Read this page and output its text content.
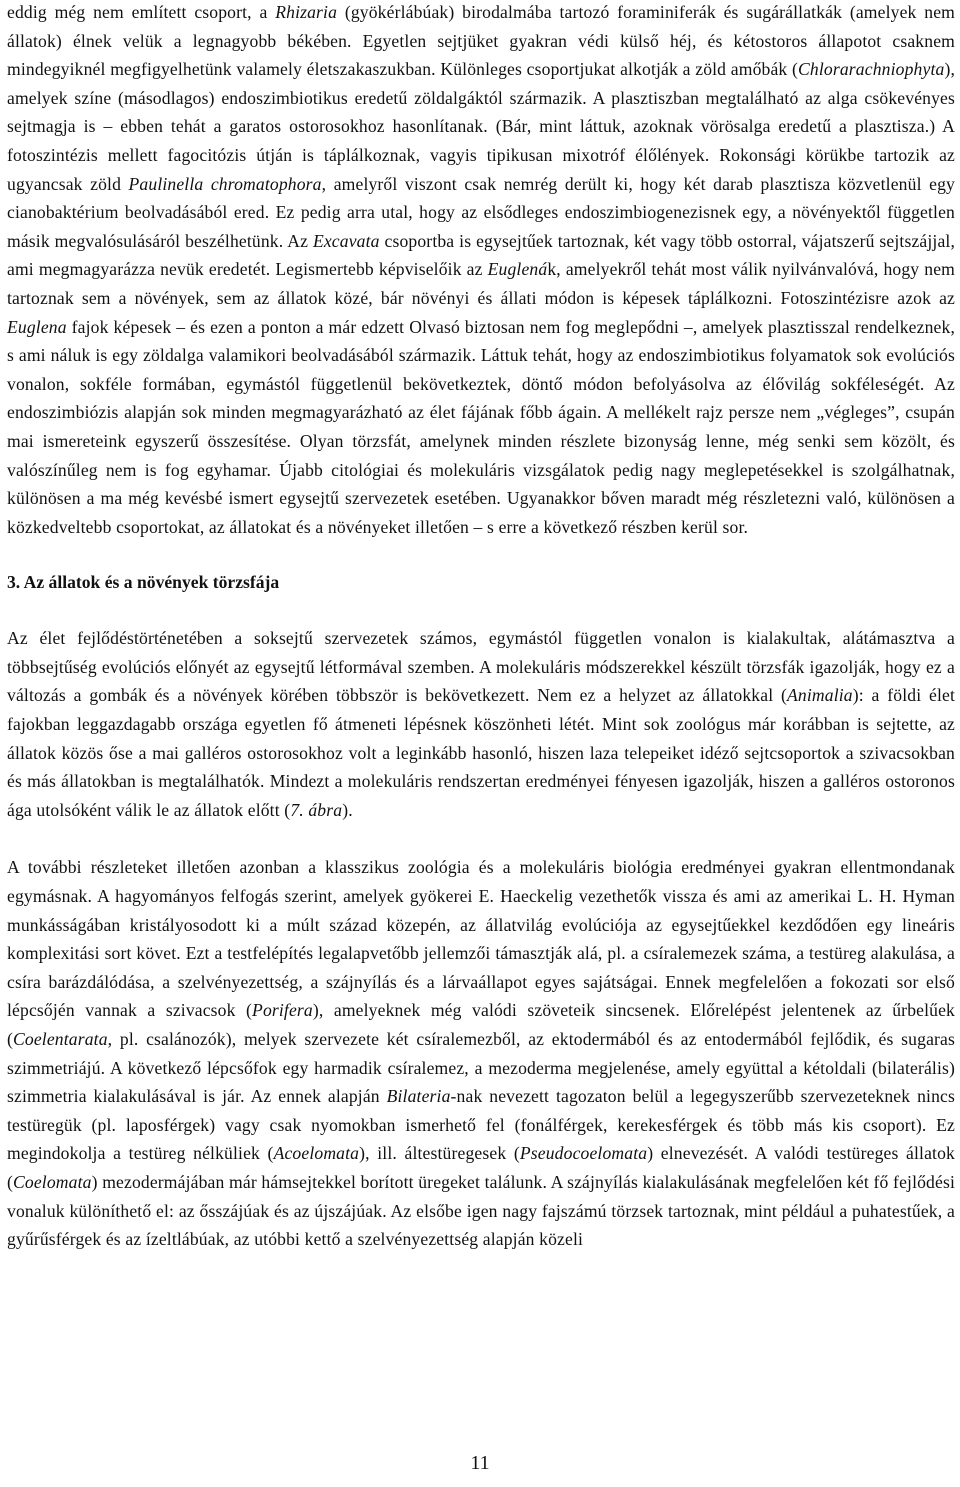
eddig még nem említett csoport, a Rhizaria (gyökérlábúak) birodalmába tartozó foraminiferák és sugárállatkák (amelyek nem állatok) élnek velük a legnagyobb békében. Egyetlen sejtjüket gyakran védi külső héj, és kétostoros állapotot csaknem mindegyiknél megfigyelhetünk valamely életszakaszukban. Különleges csoportjukat alkotják a zöld amőbák (Chlorarachniophyta), amelyek színe (másodlagos) endoszimbiotikus eredetű zöldalgáktól származik. A plasztiszban megtalálható az alga csökevényes sejtmagja is – ebben tehát a garatos ostorosokhoz hasonlítanak. (Bár, mint láttuk, azoknak vörösalga eredetű a plasztisza.) A fotoszintézis mellett fagocitózis útján is táplálkoznak, vagyis tipikusan mixotróf élőlények. Rokonsági körükbe tartozik az ugyancsak zöld Paulinella chromatophora, amelyről viszont csak nemrég derült ki, hogy két darab plasztisza közvetlenül egy cianobaktérium beolvadásából ered. Ez pedig arra utal, hogy az elsődleges endoszimbiogenezisnek egy, a növényektől független másik megvalósulásáról beszélhetünk. Az Excavata csoportba is egysejtűek tartoznak, két vagy több ostorral, vájatszerű sejtszájjal, ami megmagyarázza nevük eredetét. Legismertebb képviselőik az Euglenák, amelyekről tehát most válik nyilvánvalóvá, hogy nem tartoznak sem a növények, sem az állatok közé, bár növényi és állati módon is képesek táplálkozni. Fotoszintézisre azok az Euglena fajok képesek – és ezen a ponton a már edzett Olvasó biztosan nem fog meglepődni –, amelyek plasztisszal rendelkeznek, s ami náluk is egy zöldalga valamikori beolvadásából származik. Láttuk tehát, hogy az endoszimbiotikus folyamatok sok evolúciós vonalon, sokféle formában, egymástól függetlenül bekövetkeztek, döntő módon befolyásolva az élővilág sokféleségét. Az endoszimbiózis alapján sok minden megmagyarázható az élet fájának főbb ágain. A mellékelt rajz persze nem „végleges”, csupán mai ismereteink egyszerű összesítése. Olyan törzsfát, amelynek minden részlete bizonyság lenne, még senki sem közölt, és valószínűleg nem is fog egyhamar. Újabb citológiai és molekuláris vizsgálatok pedig nagy meglepetésekkel is szolgálhatnak, különösen a ma még kevésbé ismert egysejtű szervezetek esetében. Ugyanakkor bőven maradt még részletezni való, különösen a közkedveltebb csoportokat, az állatokat és a növényeket illetően – s erre a következő részben kerül sor.

3. Az állatok és a növények törzsfája

Az élet fejlődéstörténetében a soksejtű szervezetek számos, egymástól független vonalon is kialakultak, alátámasztva a többsejtűség evolúciós előnyét az egysejtű létformával szemben. A molekuláris módszerekkel készült törzsfák igazolják, hogy ez a változás a gombák és a növények körében többször is bekövetkezett. Nem ez a helyzet az állatokkal (Animalia): a földi élet fajokban leggazdagabb országa egyetlen fő átmeneti lépésnek köszönheti létét. Mint sok zoológus már korábban is sejtette, az állatok közös őse a mai galléros ostorosokhoz volt a leginkább hasonló, hiszen laza telepeiket idéző sejtcsoportok a szivacsokban és más állatokban is megtalálhatók. Mindezt a molekuláris rendszertan eredményei fényesen igazolják, hiszen a galléros ostoronos ága utolsóként válik le az állatok előtt (7. ábra).

A további részleteket illetően azonban a klasszikus zoológia és a molekuláris biológia eredményei gyakran ellentmondanak egymásnak. A hagyományos felfogás szerint, amelyek gyökerei E. Haeckelig vezethetők vissza és ami az amerikai L. H. Hyman munkásságában kristályosodott ki a múlt század közepén, az állatvilág evolúciója az egysejtűekkel kezdődően egy lineáris komplexitási sort követ. Ezt a testfelépítés legalapvetőbb jellemzői támasztják alá, pl. a csíralemezek száma, a testüreg alakulása, a csíra barázdálódása, a szelvényezettség, a szájnyílás és a lárvaállapot egyes sajátságai. Ennek megfelelően a fokozati sor első lépcsőjén vannak a szivacsok (Porifera), amelyeknek még valódi szöveteik sincsenek. Előrelépést jelentenek az űrbelűek (Coelentarata, pl. csalánozók), melyek szervezete két csíralemezből, az ektodermából és az entodermából fejlődik, és sugaras szimmetriájú. A következő lépcsőfok egy harmadik csíralemez, a mezoderma megjelenése, amely együttal a kétoldali (bilaterális) szimmetria kialakulásával is jár. Az ennek alapján Bilateria-nak nevezett tagozaton belül a legegyszerűbb szervezeteknek nincs testüregük (pl. laposférgek) vagy csak nyomokban ismerhető fel (fonálférgek, kerekesférgek és több más kis csoport). Ez megindokolja a testüreg nélküliek (Acoelomata), ill. áltestüregesek (Pseudocoelomata) elnevezését. A valódi testüreges állatok (Coelomata) mezodermájában már hámsejtekkel borított üregeket találunk. A szájnyílás kialakulásának megfelelően két fő fejlődési vonaluk különíthető el: az ősszájúak és az újszájúak. Az elsőbe igen nagy fajszámú törzsek tartoznak, mint például a puhatestűek, a gyűrűsférgek és az ízeltlábúak, az utóbbi kettő a szelvényezettség alapján közeli

11
